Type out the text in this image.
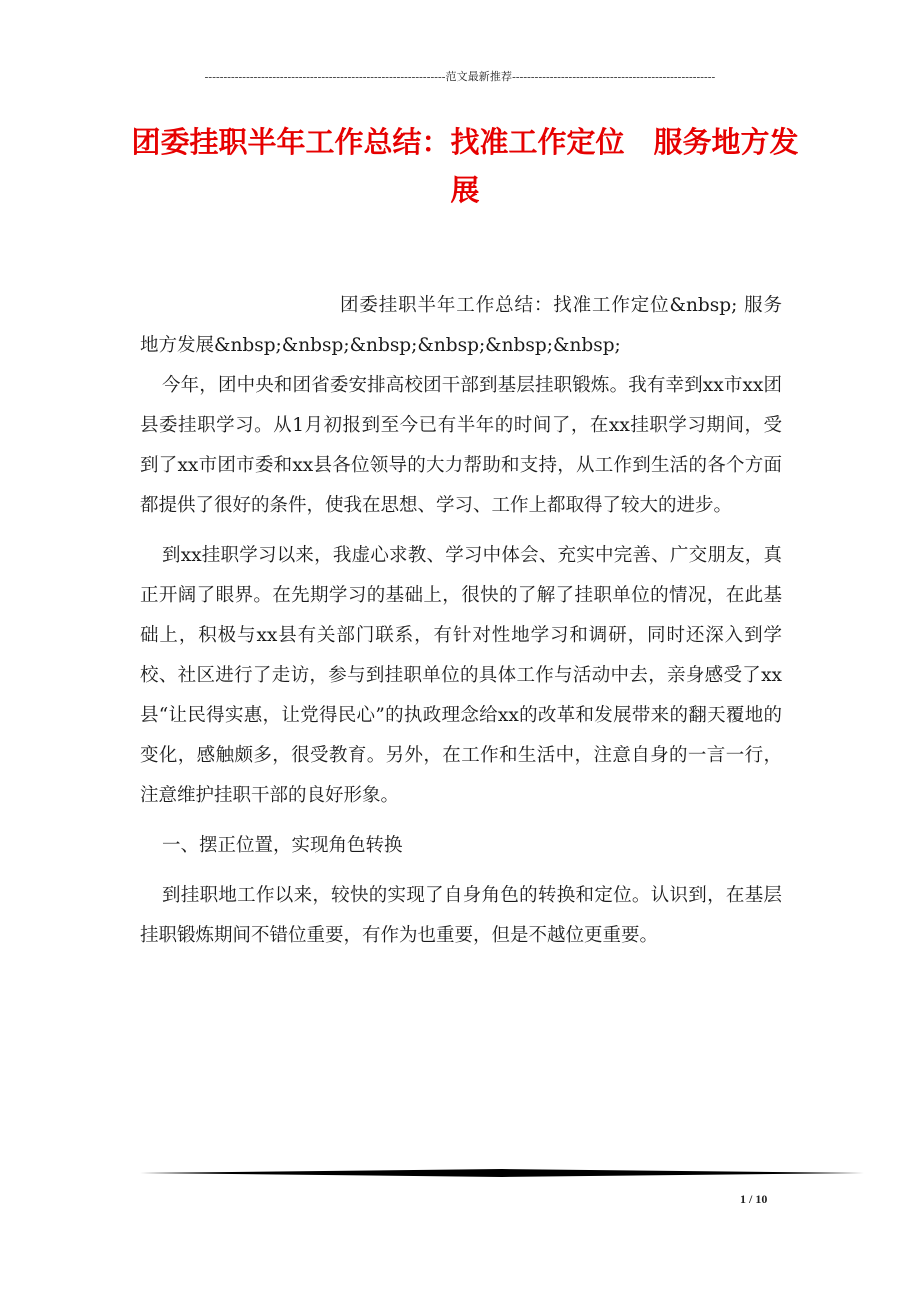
----------------------------------------------------------------范文最新推荐------------------------------------------------------
团委挂职半年工作总结：找准工作定位　服务地方发展

团委挂职半年工作总结：找准工作定位&nbsp; 服务地方发展&nbsp;&nbsp;&nbsp;&nbsp;&nbsp;&nbsp;

今年，团中央和团省委安排高校团干部到基层挂职锻炼。我有幸到xx市xx团县委挂职学习。从1月初报到至今已有半年的时间了，在xx挂职学习期间，受到了xx市团市委和xx县各位领导的大力帮助和支持，从工作到生活的各个方面都提供了很好的条件，使我在思想、学习、工作上都取得了较大的进步。

到xx挂职学习以来，我虚心求教、学习中体会、充实中完善、广交朋友，真正开阔了眼界。在先期学习的基础上，很快的了解了挂职单位的情况，在此基础上，积极与xx县有关部门联系，有针对性地学习和调研，同时还深入到学校、社区进行了走访，参与到挂职单位的具体工作与活动中去，亲身感受了xx县“让民得实惠，让党得民心”的执政理念给xx的改革和发展带来的翻天覆地的变化，感触颇多，很受教育。另外，在工作和生活中，注意自身的一言一行，注意维护挂职干部的良好形象。

一、摆正位置，实现角色转换

到挂职地工作以来，较快的实现了自身角色的转换和定位。认识到，在基层挂职锻炼期间不错位重要，有作为也重要，但是不越位更重要。

1 / 10
